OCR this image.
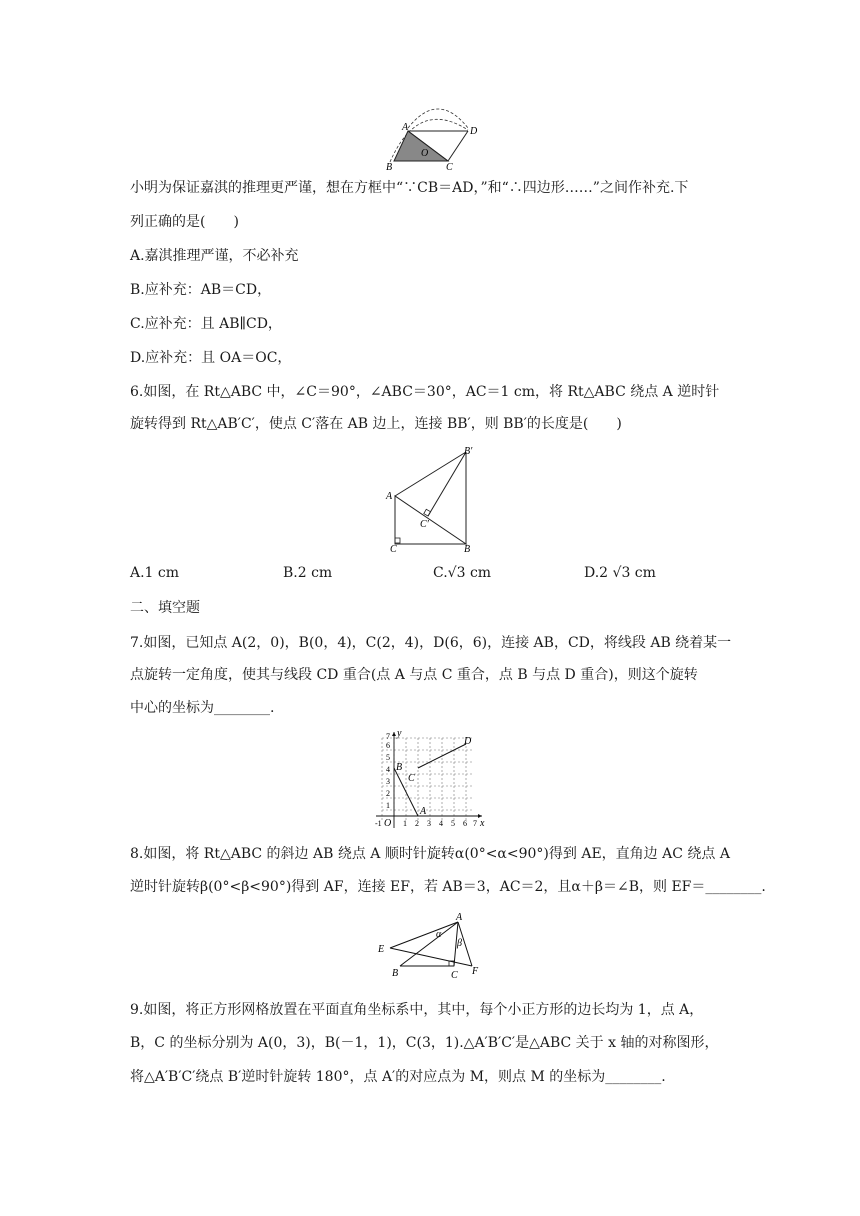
A
B	C
D
O
小明为保证嘉淇的推理更严谨，想在方框中“∵CB＝AD，”和“∴四边形……”之间作补充.下
列正确的是(　　)
A.嘉淇推理严谨，不必补充
B.应补充：AB＝CD，
C.应补充：且 AB∥CD，
D.应补充：且 OA＝OC，
6.如图，在 Rt△ABC 中，∠C＝90°，∠ABC＝30°，AC＝1 cm，将 Rt△ABC 绕点 A 逆时针
旋转得到 Rt△AB′C′，使点 C′落在 AB 边上，连接 BB′，则 BB′的长度是(　　)
A
C	B
B′
C′
A.1 cm	B.2 cm	C.√3 cm	D.2 √3 cm
二、填空题
7.如图，已知点 A(2，0)，B(0，4)，C(2，4)，D(6，6)，连接 AB，CD，将线段 AB 绕着某一
点旋转一定角度，使其与线段 CD 重合(点 A 与点 C 重合，点 B 与点 D 重合)，则这个旋转
中心的坐标为________.
y
x
O
-1	1 2 3 4 5 6 7
1
2
3
4
5
6
7
B
C
D
A
8.如图，将 Rt△ABC 的斜边 AB 绕点 A 顺时针旋转α(0°<α<90°)得到 AE，直角边 AC 绕点 A
逆时针旋转β(0°<β<90°)得到 AF，连接 EF，若 AB＝3，AC＝2，且α＋β＝∠B，则 EF＝________.
A
B	C
E
F
α
β
9.如图，将正方形网格放置在平面直角坐标系中，其中，每个小正方形的边长均为 1，点 A，
B，C 的坐标分别为 A(0，3)，B(－1，1)，C(3，1).△A′B′C′是△ABC 关于 x 轴的对称图形，
将△A′B′C′绕点 B′逆时针旋转 180°，点 A′的对应点为 M，则点 M 的坐标为________.
